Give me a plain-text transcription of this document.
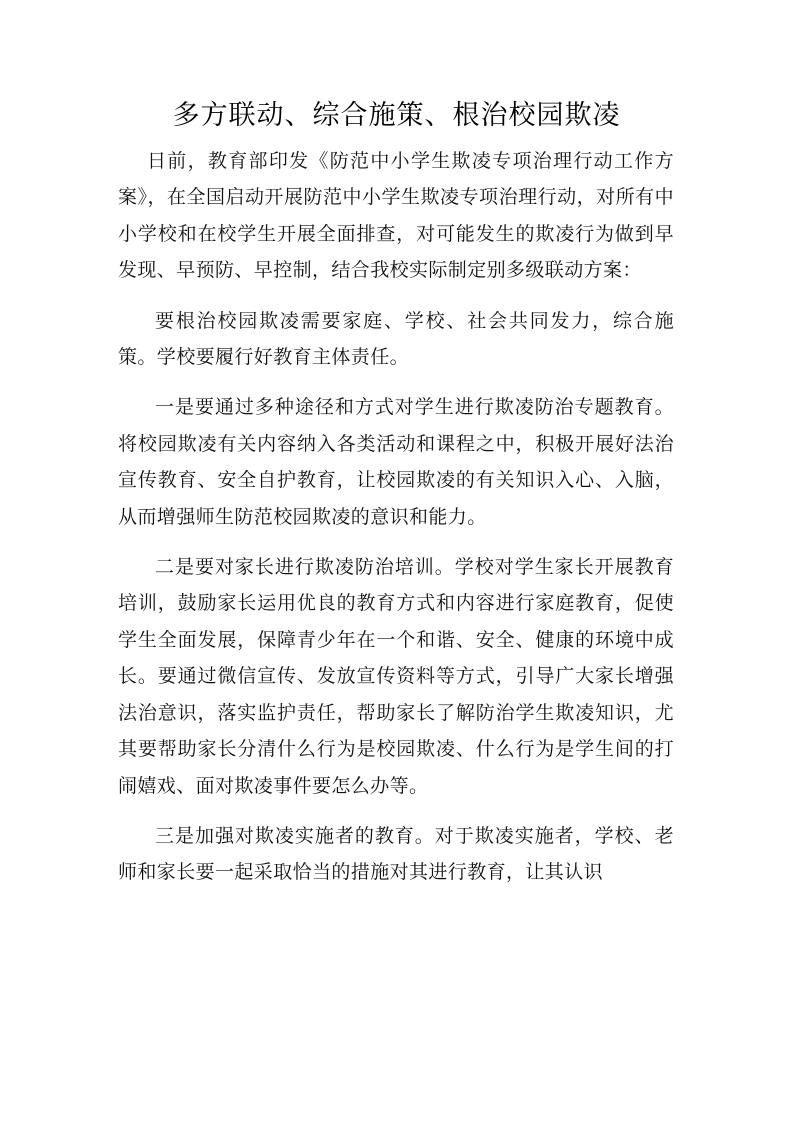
多方联动、综合施策、根治校园欺凌

日前，教育部印发《防范中小学生欺凌专项治理行动工作方案》，在全国启动开展防范中小学生欺凌专项治理行动，对所有中小学校和在校学生开展全面排查，对可能发生的欺凌行为做到早发现、早预防、早控制，结合我校实际制定别多级联动方案：

要根治校园欺凌需要家庭、学校、社会共同发力，综合施策。学校要履行好教育主体责任。

一是要通过多种途径和方式对学生进行欺凌防治专题教育。将校园欺凌有关内容纳入各类活动和课程之中，积极开展好法治宣传教育、安全自护教育，让校园欺凌的有关知识入心、入脑，从而增强师生防范校园欺凌的意识和能力。

二是要对家长进行欺凌防治培训。学校对学生家长开展教育培训，鼓励家长运用优良的教育方式和内容进行家庭教育，促使学生全面发展，保障青少年在一个和谐、安全、健康的环境中成长。要通过微信宣传、发放宣传资料等方式，引导广大家长增强法治意识，落实监护责任，帮助家长了解防治学生欺凌知识，尤其要帮助家长分清什么行为是校园欺凌、什么行为是学生间的打闹嬉戏、面对欺凌事件要怎么办等。

三是加强对欺凌实施者的教育。对于欺凌实施者，学校、老师和家长要一起采取恰当的措施对其进行教育，让其认识
